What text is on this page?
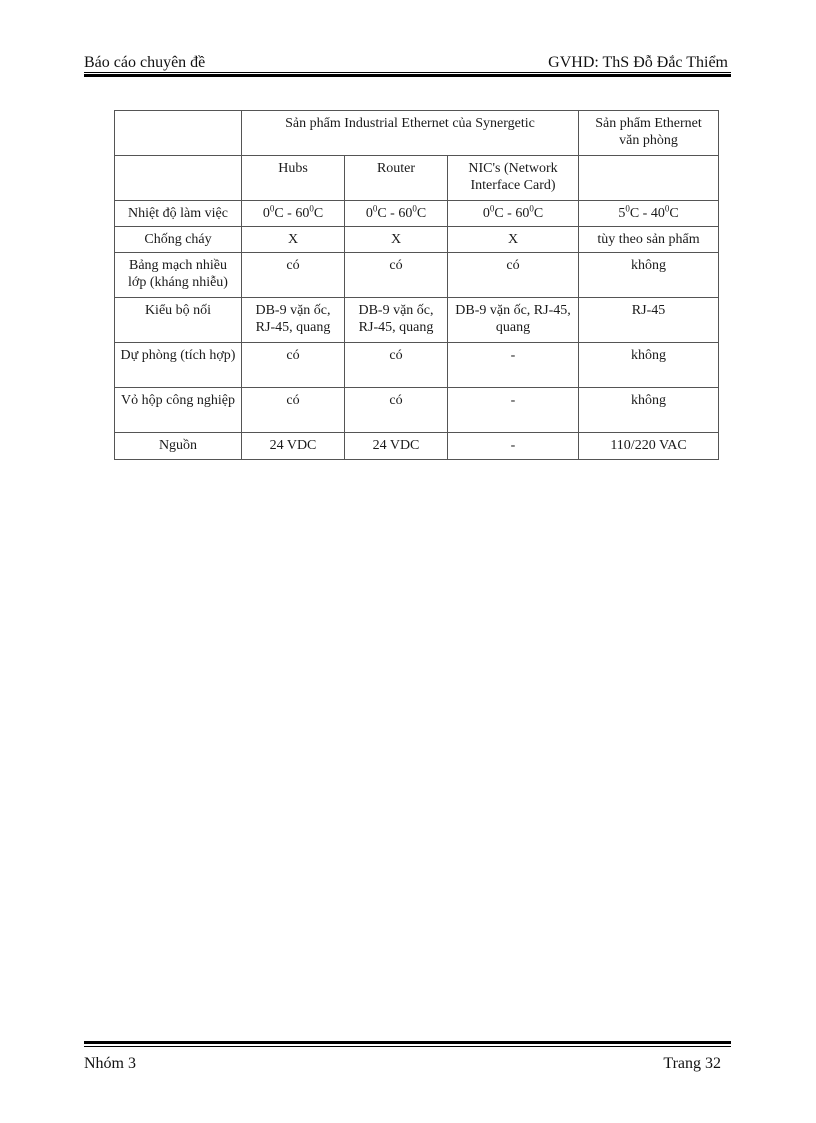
Báo cáo chuyên đề	GVHD: ThS Đỗ Đắc Thiểm
	Sản phẩm Industrial Ethernet của Synergetic			Sản phẩm Ethernet văn phòng
	Hubs	Router	NIC's (Network Interface Card)	
Nhiệt độ làm việc	$0^0C - 60^0C$	$0^0C - 60^0C$	$0^0C - 60^0C$	$5^0C - 40^0C$
Chống cháy	X	X	X	tùy theo sản phẩm
Bảng mạch nhiều lớp (kháng nhiễu)	có	có	có	không
Kiểu bộ nối	DB-9 vặn ốc, RJ-45, quang	DB-9 vặn ốc, RJ-45, quang	DB-9 vặn ốc, RJ-45, quang	RJ-45
Dự phòng (tích hợp)	có	có	-	không
Vỏ hộp công nghiệp	có	có	-	không
Nguồn	24 VDC	24 VDC	-	110/220 VAC
Nhóm 3	Trang 32
